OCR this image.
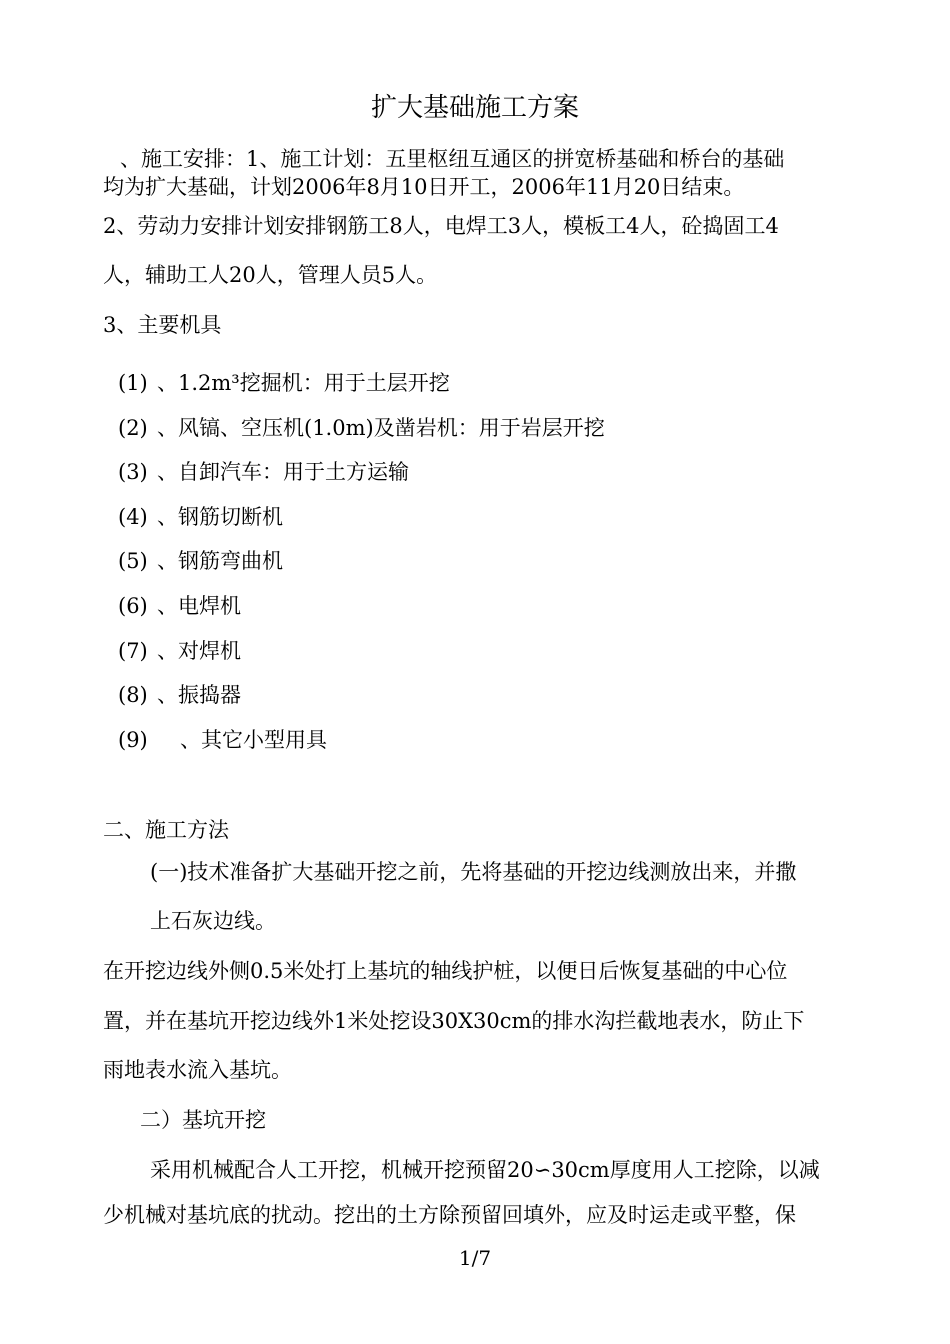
扩大基础施工方案
、施工安排：1、施工计划：五里枢纽互通区的拼宽桥基础和桥台的基础
均为扩大基础，计划2006年8月10日开工，2006年11月20日结束。
2、劳动力安排计划安排钢筋工8人，电焊工3人，模板工4人，砼捣固工4
人，辅助工人20人，管理人员5人。
3、主要机具
(1) 、1.2m³挖掘机：用于土层开挖
(2) 、风镐、空压机(1.0m)及凿岩机：用于岩层开挖
(3) 、自卸汽车：用于土方运输
(4) 、钢筋切断机
(5) 、钢筋弯曲机
(6) 、电焊机
(7) 、对焊机
(8) 、振捣器
(9) 、其它小型用具
二、施工方法
(一)技术准备扩大基础开挖之前，先将基础的开挖边线测放出来，并撒
上石灰边线。
在开挖边线外侧0.5米处打上基坑的轴线护桩，以便日后恢复基础的中心位
置，并在基坑开挖边线外1米处挖设30X30cm的排水沟拦截地表水，防止下
雨地表水流入基坑。
二）基坑开挖
采用机械配合人工开挖，机械开挖预留20∽30cm厚度用人工挖除，以减
少机械对基坑底的扰动。挖出的土方除预留回填外，应及时运走或平整，保
1/7
